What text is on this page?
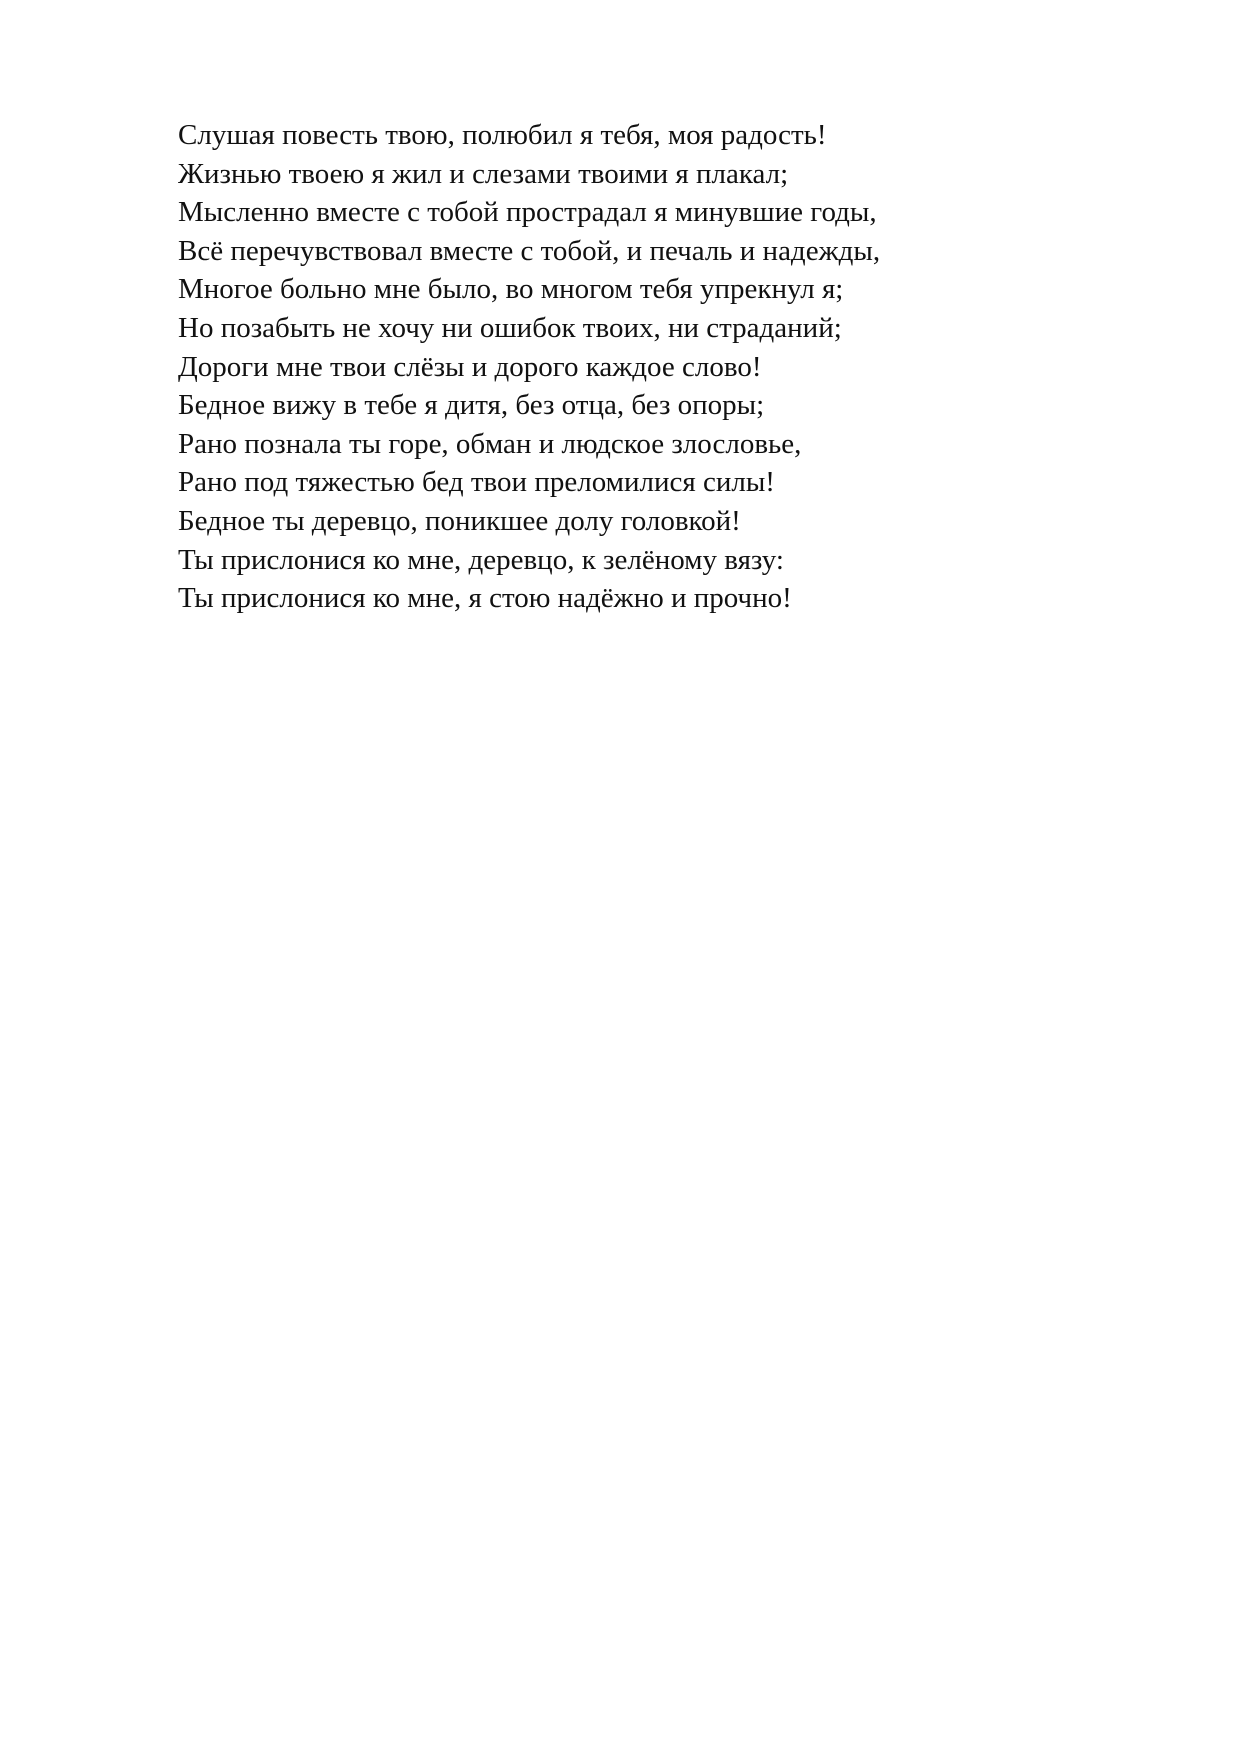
Слушая повесть твою, полюбил я тебя, моя радость!
Жизнью твоею я жил и слезами твоими я плакал;
Мысленно вместе с тобой прострадал я минувшие годы,
Всё перечувствовал вместе с тобой, и печаль и надежды,
Многое больно мне было, во многом тебя упрекнул я;
Но позабыть не хочу ни ошибок твоих, ни страданий;
Дороги мне твои слёзы и дорого каждое слово!
Бедное вижу в тебе я дитя, без отца, без опоры;
Рано познала ты горе, обман и людское злословье,
Рано под тяжестью бед твои преломилися силы!
Бедное ты деревцо, поникшее долу головкой!
Ты прислонися ко мне, деревцо, к зелёному вязу:
Ты прислонися ко мне, я стою надёжно и прочно!
